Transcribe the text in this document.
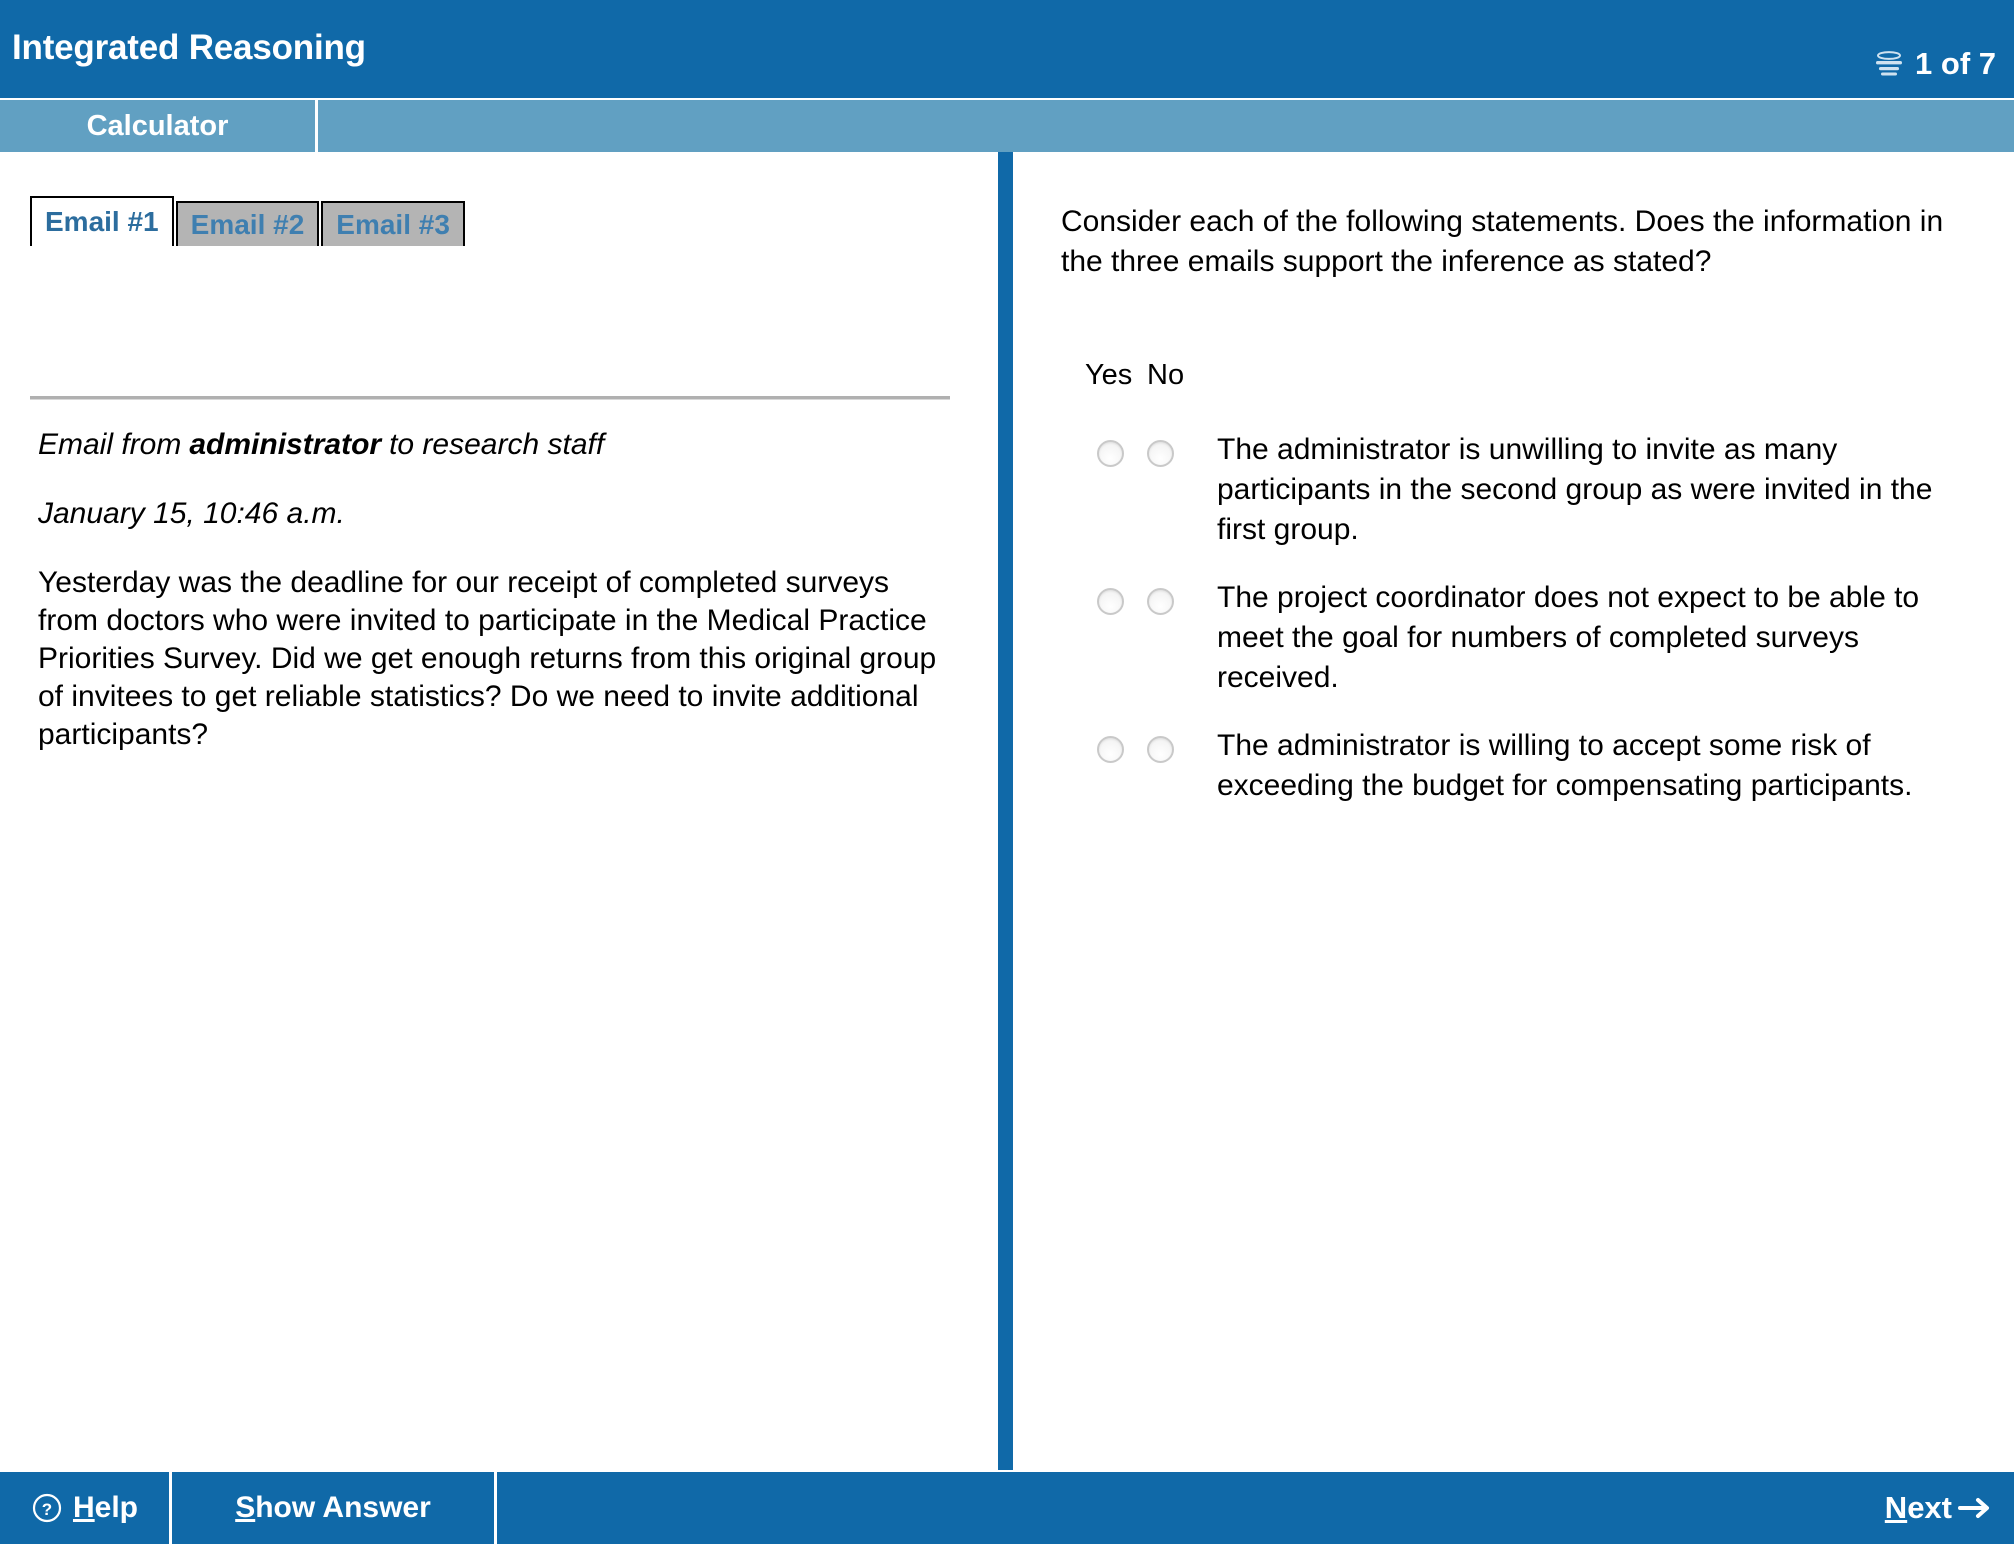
Integrated Reasoning	1 of 7
Calculator
Email #1 Email #2 Email #3
Email from administrator to research staff
January 15, 10:46 a.m.
Yesterday was the deadline for our receipt of completed surveys from doctors who were invited to participate in the Medical Practice Priorities Survey. Did we get enough returns from this original group of invitees to get reliable statistics? Do we need to invite additional participants?
Consider each of the following statements. Does the information in the three emails support the inference as stated?
Yes No
The administrator is unwilling to invite as many participants in the second group as were invited in the first group.
The project coordinator does not expect to be able to meet the goal for numbers of completed surveys received.
The administrator is willing to accept some risk of exceeding the budget for compensating participants.
? Help	Show Answer	Next
